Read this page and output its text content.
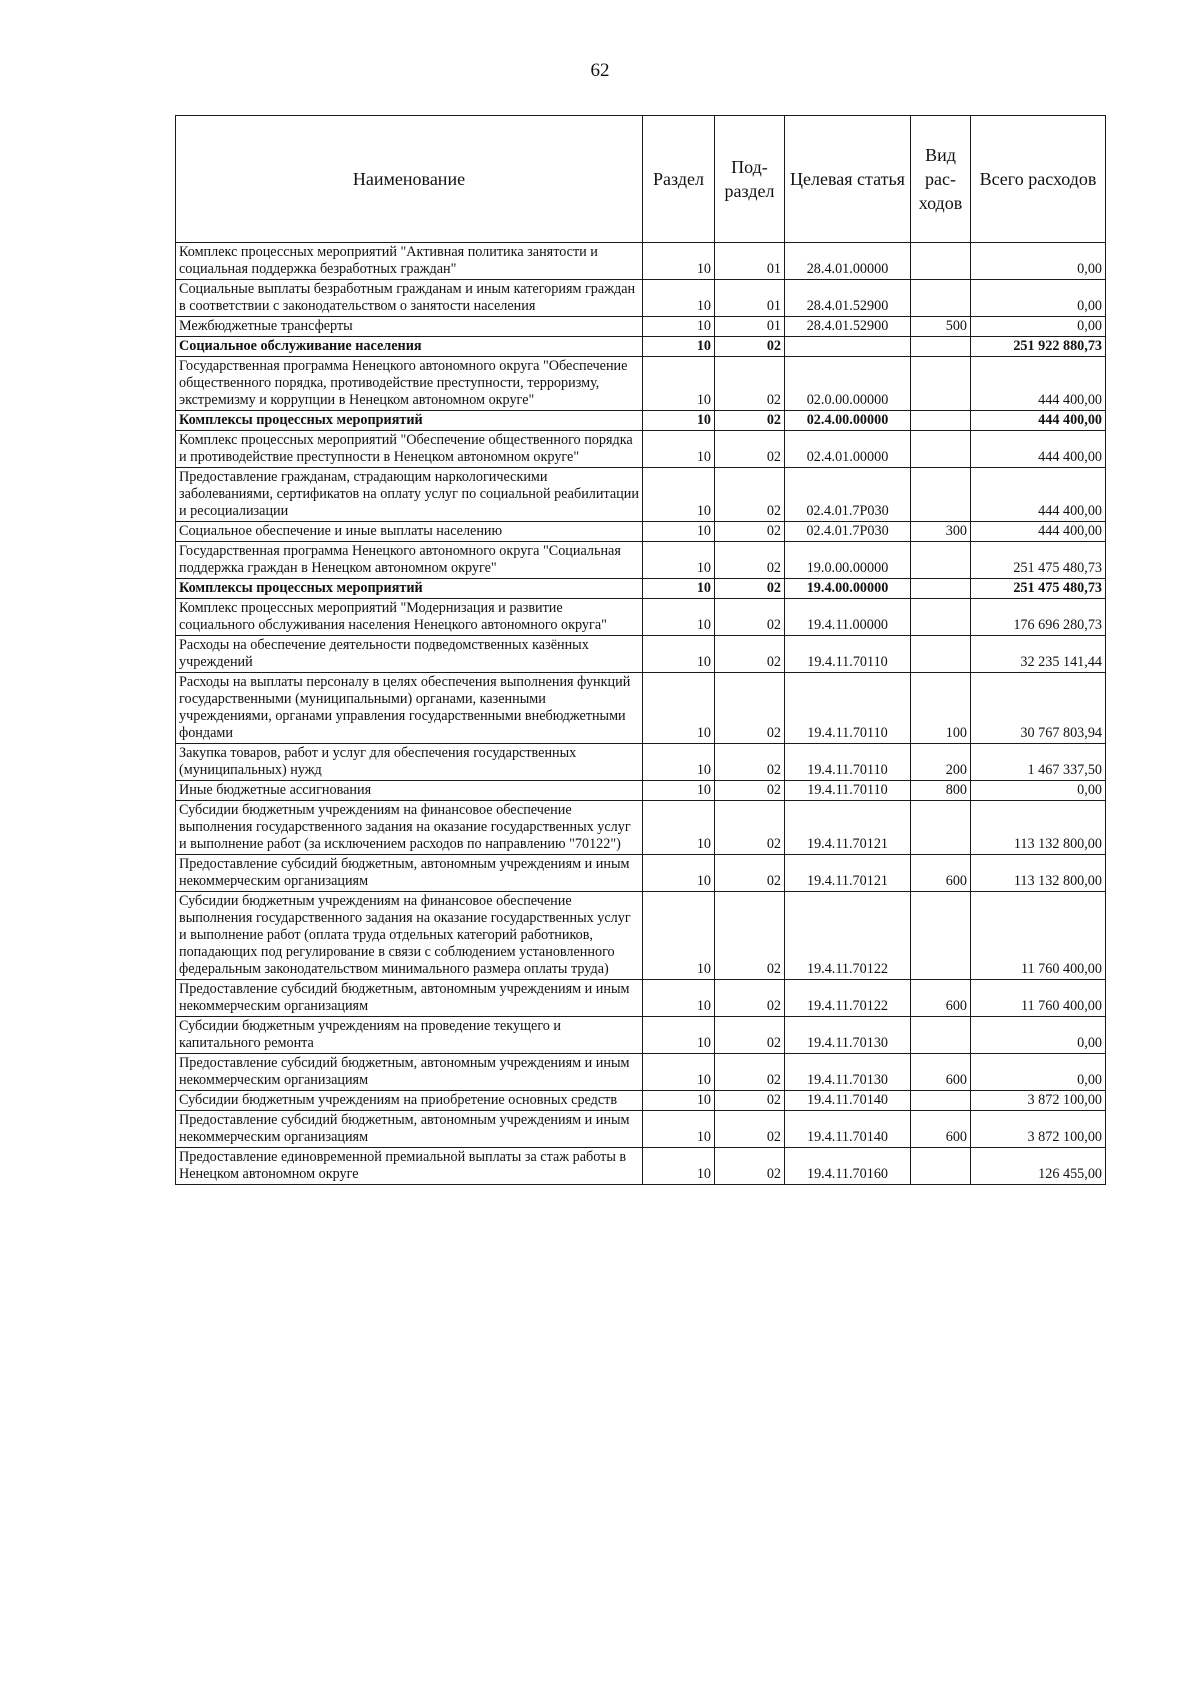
62
Наименование	Раздел	Под-раздел	Целевая статья	Вид рас-ходов	Всего расходов
Комплекс процессных мероприятий "Активная политика занятости и социальная поддержка безработных граждан"	10	01	28.4.01.00000		0,00
Социальные выплаты безработным гражданам и иным категориям граждан в соответствии с законодательством о занятости населения	10	01	28.4.01.52900		0,00
Межбюджетные трансферты	10	01	28.4.01.52900	500	0,00
Социальное обслуживание населения	10	02			251 922 880,73
Государственная программа Ненецкого автономного округа "Обеспечение общественного порядка, противодействие преступности, терроризму, экстремизму и коррупции в Ненецком автономном округе"	10	02	02.0.00.00000		444 400,00
Комплексы процессных мероприятий	10	02	02.4.00.00000		444 400,00
Комплекс процессных мероприятий "Обеспечение общественного порядка и противодействие преступности в Ненецком автономном округе"	10	02	02.4.01.00000		444 400,00
Предоставление гражданам, страдающим наркологическими заболеваниями, сертификатов на оплату услуг по социальной реабилитации и ресоциализации	10	02	02.4.01.7Р030		444 400,00
Социальное обеспечение и иные выплаты населению	10	02	02.4.01.7Р030	300	444 400,00
Государственная программа Ненецкого автономного округа "Социальная поддержка граждан в Ненецком автономном округе"	10	02	19.0.00.00000		251 475 480,73
Комплексы процессных мероприятий	10	02	19.4.00.00000		251 475 480,73
Комплекс процессных мероприятий "Модернизация и развитие социального обслуживания населения Ненецкого автономного округа"	10	02	19.4.11.00000		176 696 280,73
Расходы на обеспечение деятельности подведомственных казённых учреждений	10	02	19.4.11.70110		32 235 141,44
Расходы на выплаты персоналу в целях обеспечения выполнения функций государственными (муниципальными) органами, казенными учреждениями, органами управления государственными внебюджетными фондами	10	02	19.4.11.70110	100	30 767 803,94
Закупка товаров, работ и услуг для обеспечения государственных (муниципальных) нужд	10	02	19.4.11.70110	200	1 467 337,50
Иные бюджетные ассигнования	10	02	19.4.11.70110	800	0,00
Субсидии бюджетным учреждениям на финансовое обеспечение выполнения государственного задания на оказание государственных услуг и выполнение работ (за исключением расходов по направлению "70122")	10	02	19.4.11.70121		113 132 800,00
Предоставление субсидий бюджетным, автономным учреждениям и иным некоммерческим организациям	10	02	19.4.11.70121	600	113 132 800,00
Субсидии бюджетным учреждениям на финансовое обеспечение выполнения государственного задания на оказание государственных услуг и выполнение работ (оплата труда отдельных категорий работников, попадающих под регулирование в связи с соблюдением установленного федеральным законодательством минимального размера оплаты труда)	10	02	19.4.11.70122		11 760 400,00
Предоставление субсидий бюджетным, автономным учреждениям и иным некоммерческим организациям	10	02	19.4.11.70122	600	11 760 400,00
Субсидии бюджетным учреждениям на проведение текущего и капитального ремонта	10	02	19.4.11.70130		0,00
Предоставление субсидий бюджетным, автономным учреждениям и иным некоммерческим организациям	10	02	19.4.11.70130	600	0,00
Субсидии бюджетным учреждениям на приобретение основных средств	10	02	19.4.11.70140		3 872 100,00
Предоставление субсидий бюджетным, автономным учреждениям и иным некоммерческим организациям	10	02	19.4.11.70140	600	3 872 100,00
Предоставление единовременной премиальной выплаты за стаж работы в Ненецком автономном округе	10	02	19.4.11.70160		126 455,00
